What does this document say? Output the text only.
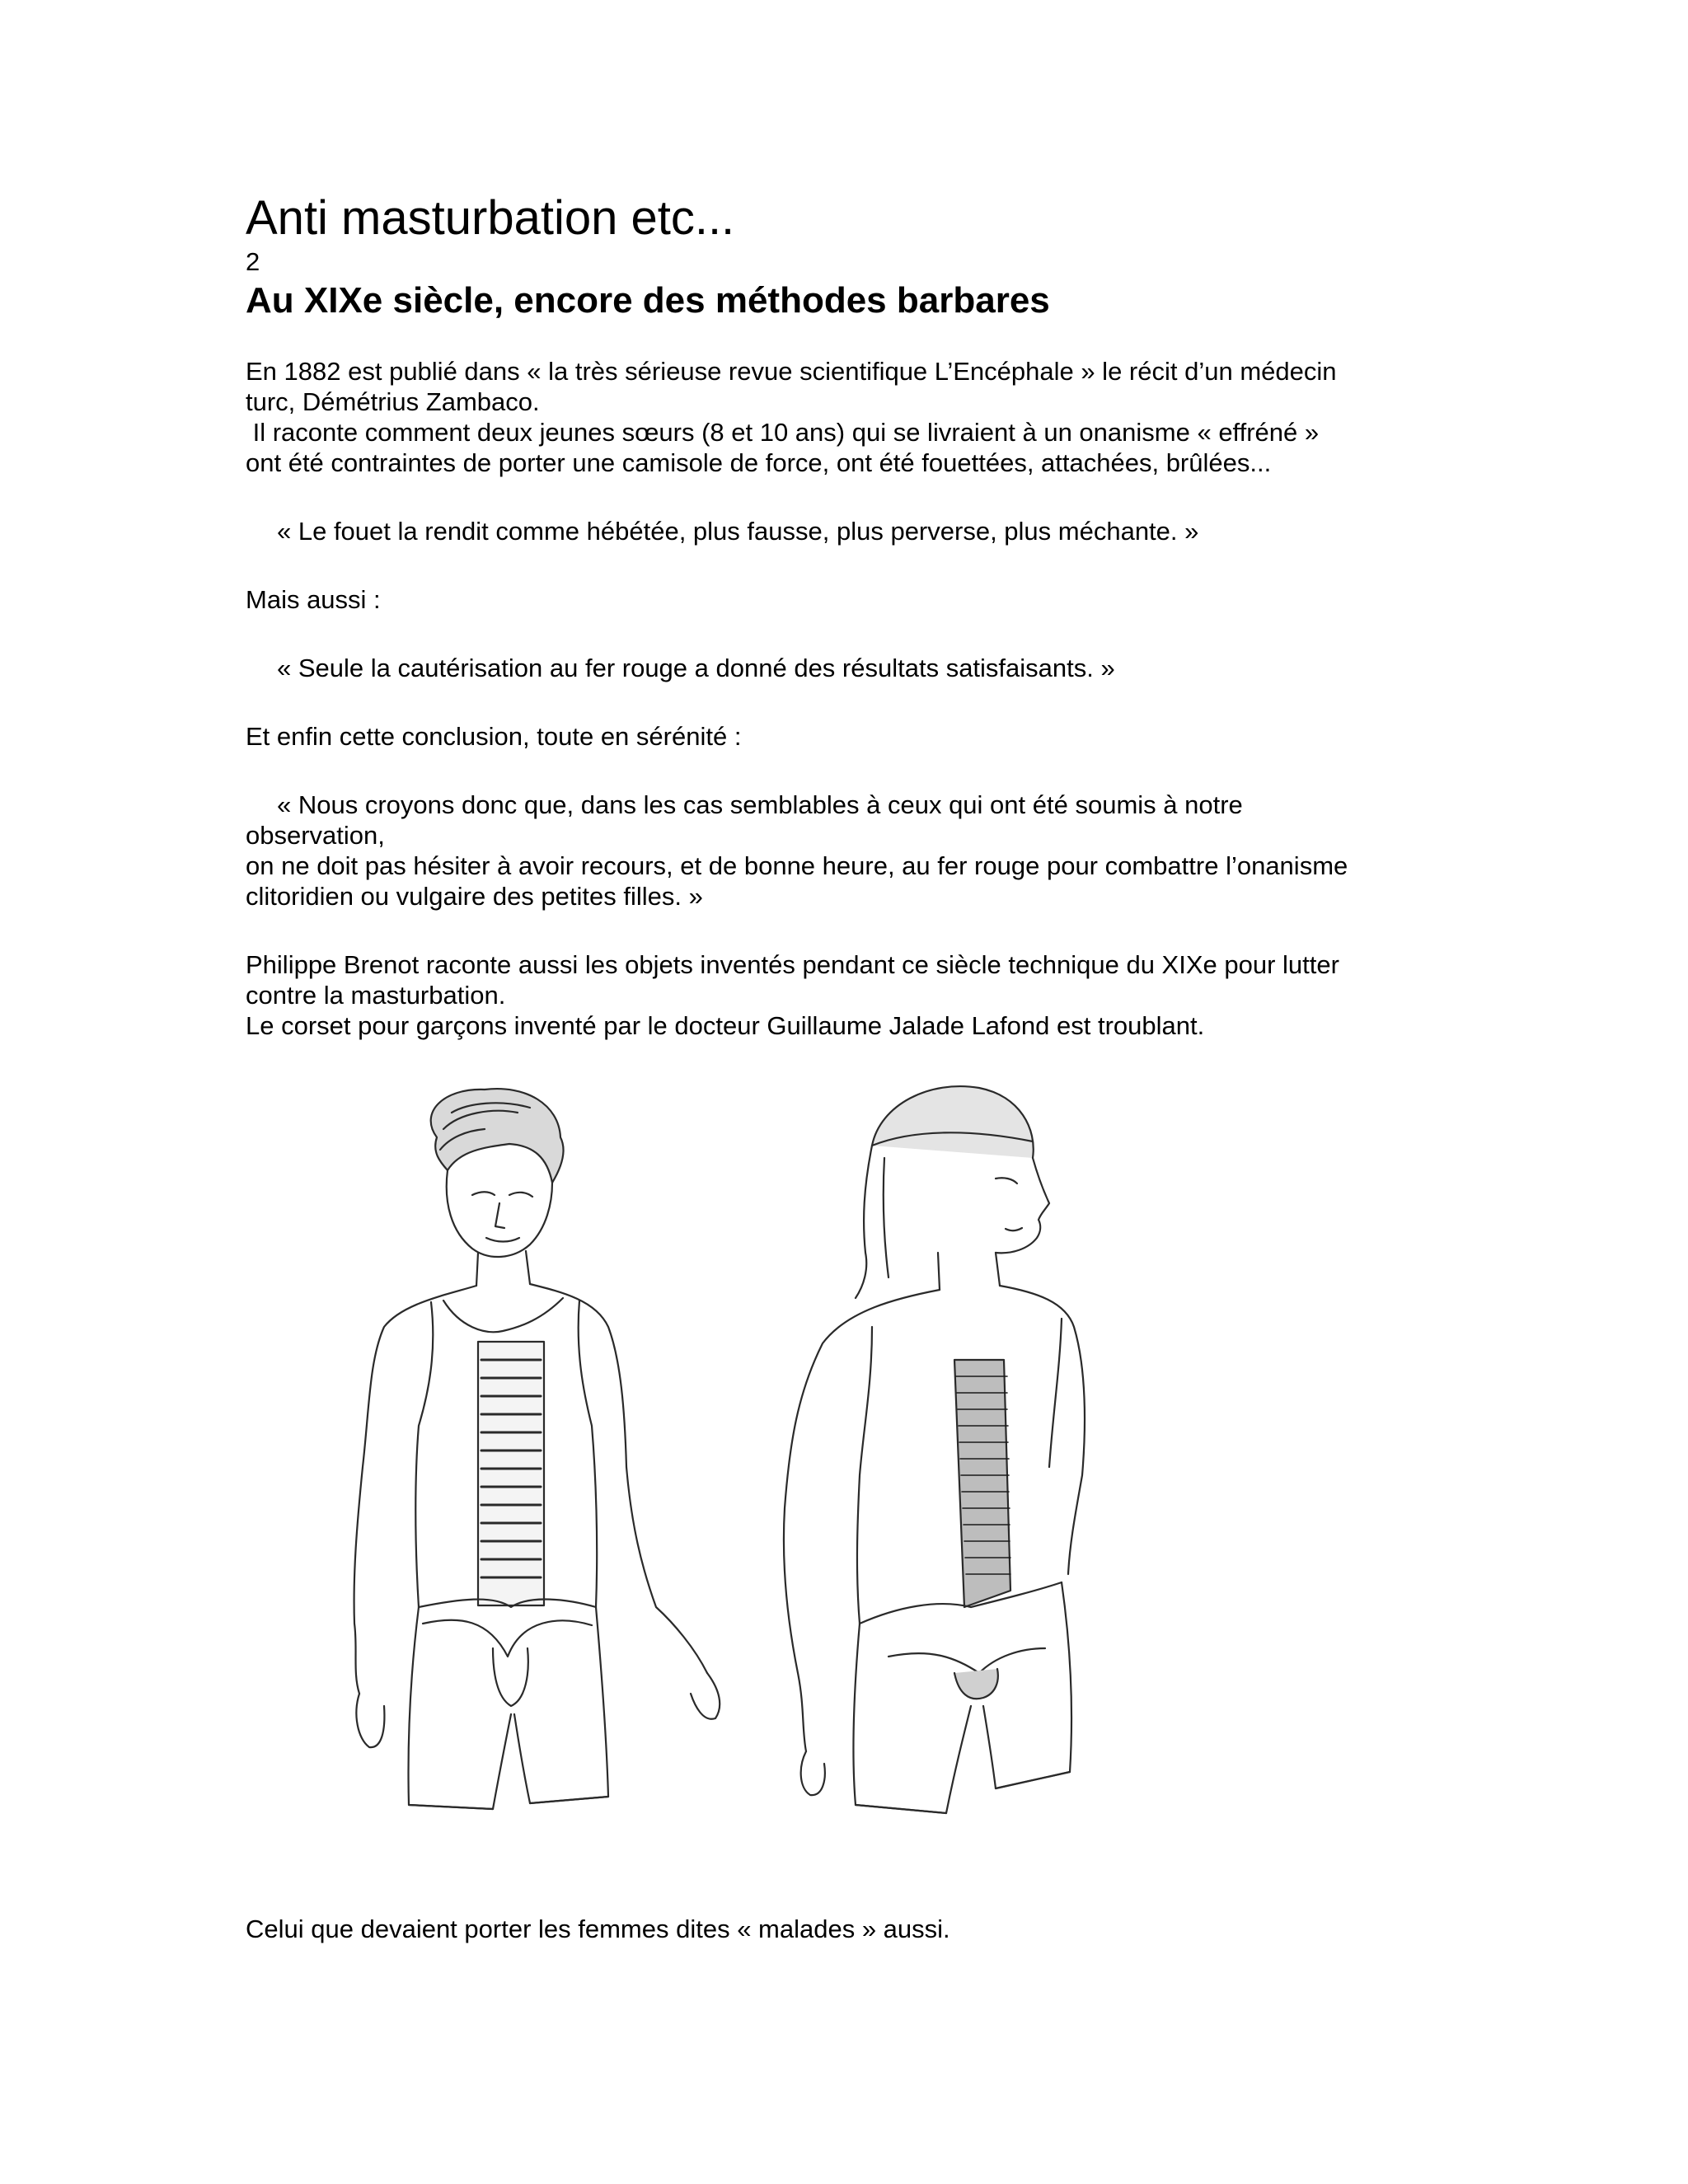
Anti masturbation etc...

2

Au XIXe siècle, encore des méthodes barbares

En 1882 est publié dans « la très sérieuse revue scientifique L’Encéphale » le récit d’un médecin

turc, Démétrius Zambaco.

Il raconte comment deux jeunes sœurs (8 et 10 ans) qui se livraient à un onanisme « effréné »

ont été contraintes de porter une camisole de force, ont été fouettées, attachées, brûlées...

« Le fouet la rendit comme hébétée, plus fausse, plus perverse, plus méchante. »

Mais aussi :

« Seule la cautérisation au fer rouge a donné des résultats satisfaisants. »

Et enfin cette conclusion, toute en sérénité :

« Nous croyons donc que, dans les cas semblables à ceux qui ont été soumis à notre

observation,

on ne doit pas hésiter à avoir recours, et de bonne heure, au fer rouge pour combattre l’onanisme

clitoridien ou vulgaire des petites filles. »

Philippe Brenot raconte aussi les objets inventés pendant ce siècle technique du XIXe pour lutter

contre la masturbation.

Le corset pour garçons inventé par le docteur Guillaume Jalade Lafond est troublant.

Celui que devaient porter les femmes dites « malades » aussi.
